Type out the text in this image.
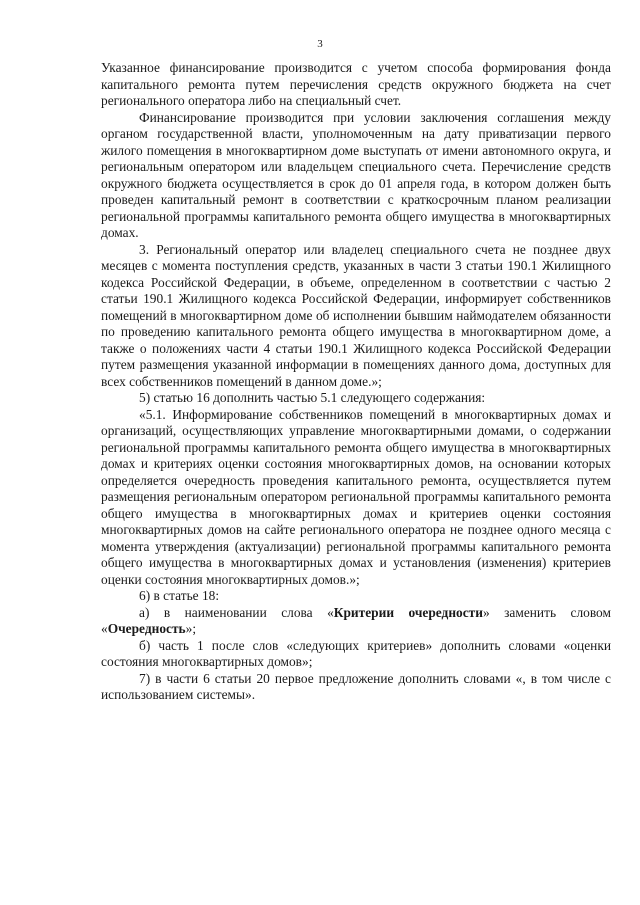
3

Указанное финансирование производится с учетом способа формирования фонда капитального ремонта путем перечисления средств окружного бюджета на счет регионального оператора либо на специальный счет.

Финансирование производится при условии заключения соглашения между органом государственной власти, уполномоченным на дату приватизации первого жилого помещения в многоквартирном доме выступать от имени автономного округа, и региональным оператором или владельцем специального счета. Перечисление средств окружного бюджета осуществляется в срок до 01 апреля года, в котором должен быть проведен капитальный ремонт в соответствии с краткосрочным планом реализации региональной программы капитального ремонта общего имущества в многоквартирных домах.

3. Региональный оператор или владелец специального счета не позднее двух месяцев с момента поступления средств, указанных в части 3 статьи 190.1 Жилищного кодекса Российской Федерации, в объеме, определенном в соответствии с частью 2 статьи 190.1 Жилищного кодекса Российской Федерации, информирует собственников помещений в многоквартирном доме об исполнении бывшим наймодателем обязанности по проведению капитального ремонта общего имущества в многоквартирном доме, а также о положениях части 4 статьи 190.1 Жилищного кодекса Российской Федерации путем размещения указанной информации в помещениях данного дома, доступных для всех собственников помещений в данном доме.»;

5) статью 16 дополнить частью 5.1 следующего содержания:

«5.1. Информирование собственников помещений в многоквартирных домах и организаций, осуществляющих управление многоквартирными домами, о содержании региональной программы капитального ремонта общего имущества в многоквартирных домах и критериях оценки состояния многоквартирных домов, на основании которых определяется очередность проведения капитального ремонта, осуществляется путем размещения региональным оператором региональной программы капитального ремонта общего имущества в многоквартирных домах и критериев оценки состояния многоквартирных домов на сайте регионального оператора не позднее одного месяца с момента утверждения (актуализации) региональной программы капитального ремонта общего имущества в многоквартирных домах и установления (изменения) критериев оценки состояния многоквартирных домов.»;

6) в статье 18:

а) в наименовании слова «Критерии очередности» заменить словом «Очередность»;

б) часть 1 после слов «следующих критериев» дополнить словами «оценки состояния многоквартирных домов»;

7) в части 6 статьи 20 первое предложение дополнить словами «, в том числе с использованием системы».
